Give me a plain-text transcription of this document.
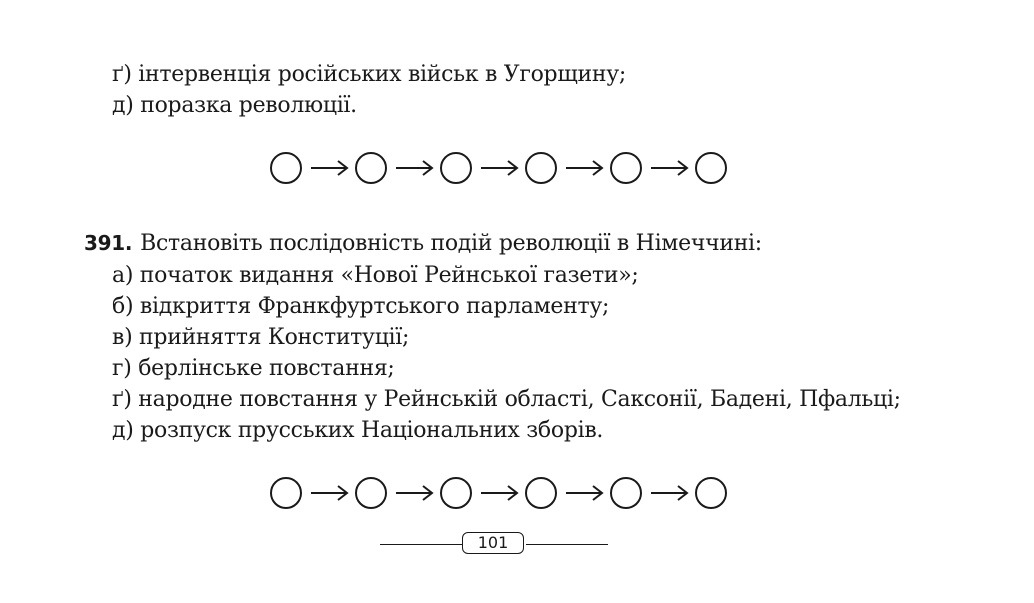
ґ) інтервенція російських військ в Угорщину;
д) поразка революції.
391. Встановіть послідовність подій революції в Німеччині:
а) початок видання «Нової Рейнської газети»;
б) відкриття Франкфуртського парламенту;
в) прийняття Конституції;
г) берлінське повстання;
ґ) народне повстання у Рейнській області, Саксонії, Бадені, Пфальці;
д) розпуск прусських Національних зборів.
101
